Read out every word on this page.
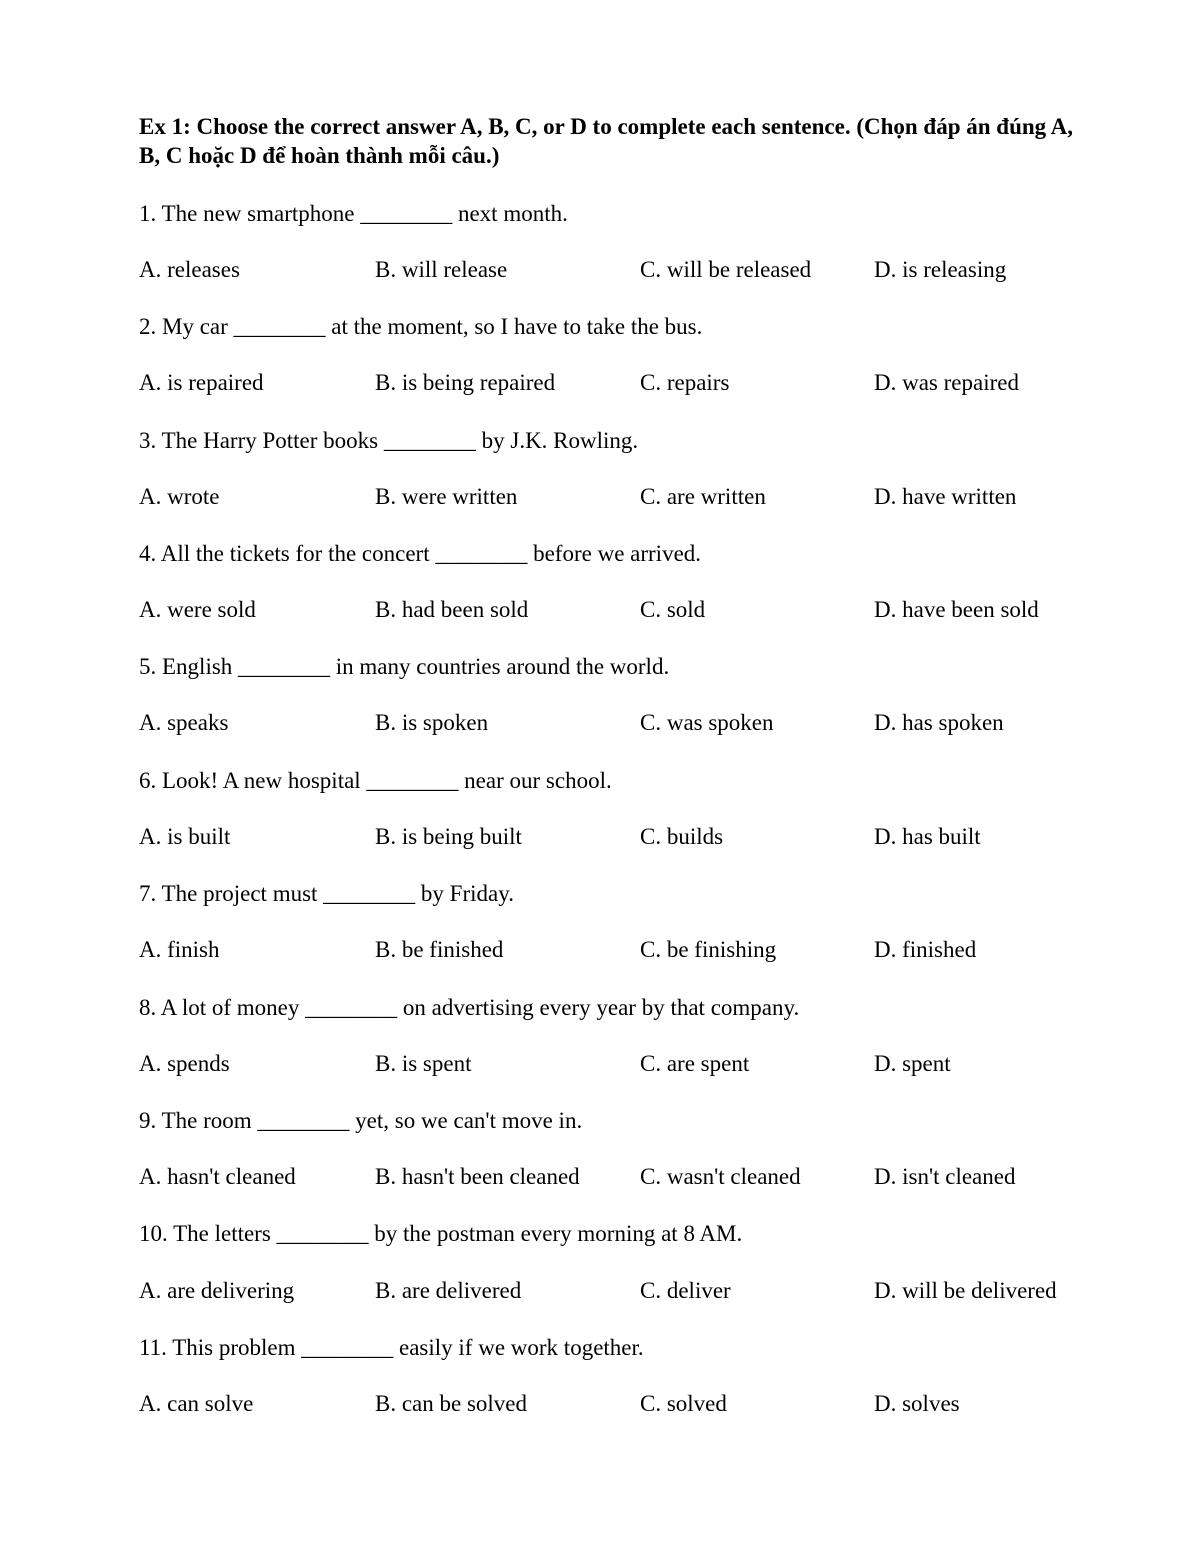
Ex 1: Choose the correct answer A, B, C, or D to complete each sentence. (Chọn đáp án đúng A, B, C hoặc D để hoàn thành mỗi câu.)

1. The new smartphone ________ next month.

A. releases	B. will release	C. will be released	D. is releasing

2. My car ________ at the moment, so I have to take the bus.

A. is repaired	B. is being repaired	C. repairs	D. was repaired

3. The Harry Potter books ________ by J.K. Rowling.

A. wrote	B. were written	C. are written	D. have written

4. All the tickets for the concert ________ before we arrived.

A. were sold	B. had been sold	C. sold	D. have been sold

5. English ________ in many countries around the world.

A. speaks	B. is spoken	C. was spoken	D. has spoken

6. Look! A new hospital ________ near our school.

A. is built	B. is being built	C. builds	D. has built

7. The project must ________ by Friday.

A. finish	B. be finished	C. be finishing	D. finished

8. A lot of money ________ on advertising every year by that company.

A. spends	B. is spent	C. are spent	D. spent

9. The room ________ yet, so we can't move in.

A. hasn't cleaned	B. hasn't been cleaned	C. wasn't cleaned	D. isn't cleaned

10. The letters ________ by the postman every morning at 8 AM.

A. are delivering	B. are delivered	C. deliver	D. will be delivered

11. This problem ________ easily if we work together.

A. can solve	B. can be solved	C. solved	D. solves
